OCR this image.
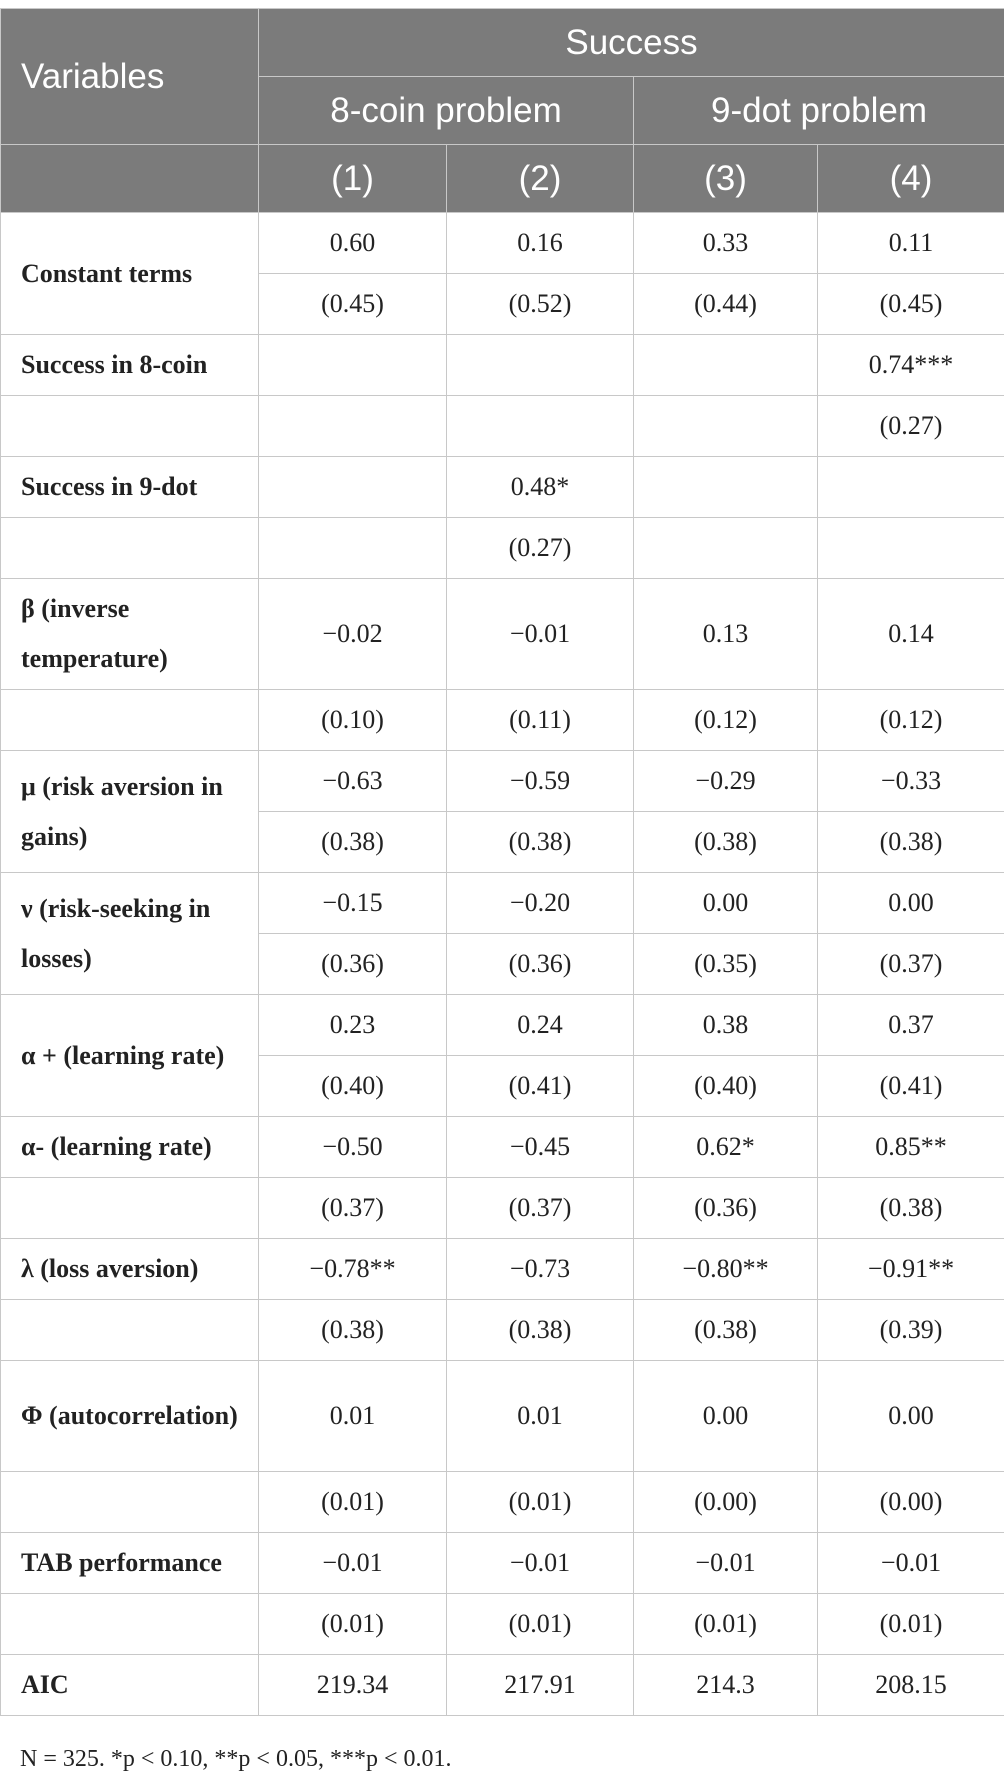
Variables	Success			
	8-coin problem		9-dot problem	
	(1)	(2)	(3)	(4)
Constant terms	0.60	0.16	0.33	0.11
	(0.45)	(0.52)	(0.44)	(0.45)
Success in 8-coin				0.74***
				(0.27)
Success in 9-dot		0.48*		
		(0.27)		
β (inverse temperature)	−0.02	−0.01	0.13	0.14
	(0.10)	(0.11)	(0.12)	(0.12)
μ (risk aversion in gains)	−0.63	−0.59	−0.29	−0.33
	(0.38)	(0.38)	(0.38)	(0.38)
ν (risk-seeking in losses)	−0.15	−0.20	0.00	0.00
	(0.36)	(0.36)	(0.35)	(0.37)
α + (learning rate)	0.23	0.24	0.38	0.37
	(0.40)	(0.41)	(0.40)	(0.41)
α- (learning rate)	−0.50	−0.45	0.62*	0.85**
	(0.37)	(0.37)	(0.36)	(0.38)
λ (loss aversion)	−0.78**	−0.73	−0.80**	−0.91**
	(0.38)	(0.38)	(0.38)	(0.39)
Φ (autocorrelation)	0.01	0.01	0.00	0.00
	(0.01)	(0.01)	(0.00)	(0.00)
TAB performance	−0.01	−0.01	−0.01	−0.01
	(0.01)	(0.01)	(0.01)	(0.01)
AIC	219.34	217.91	214.3	208.15
N = 325. *p < 0.10, **p < 0.05, ***p < 0.01.
